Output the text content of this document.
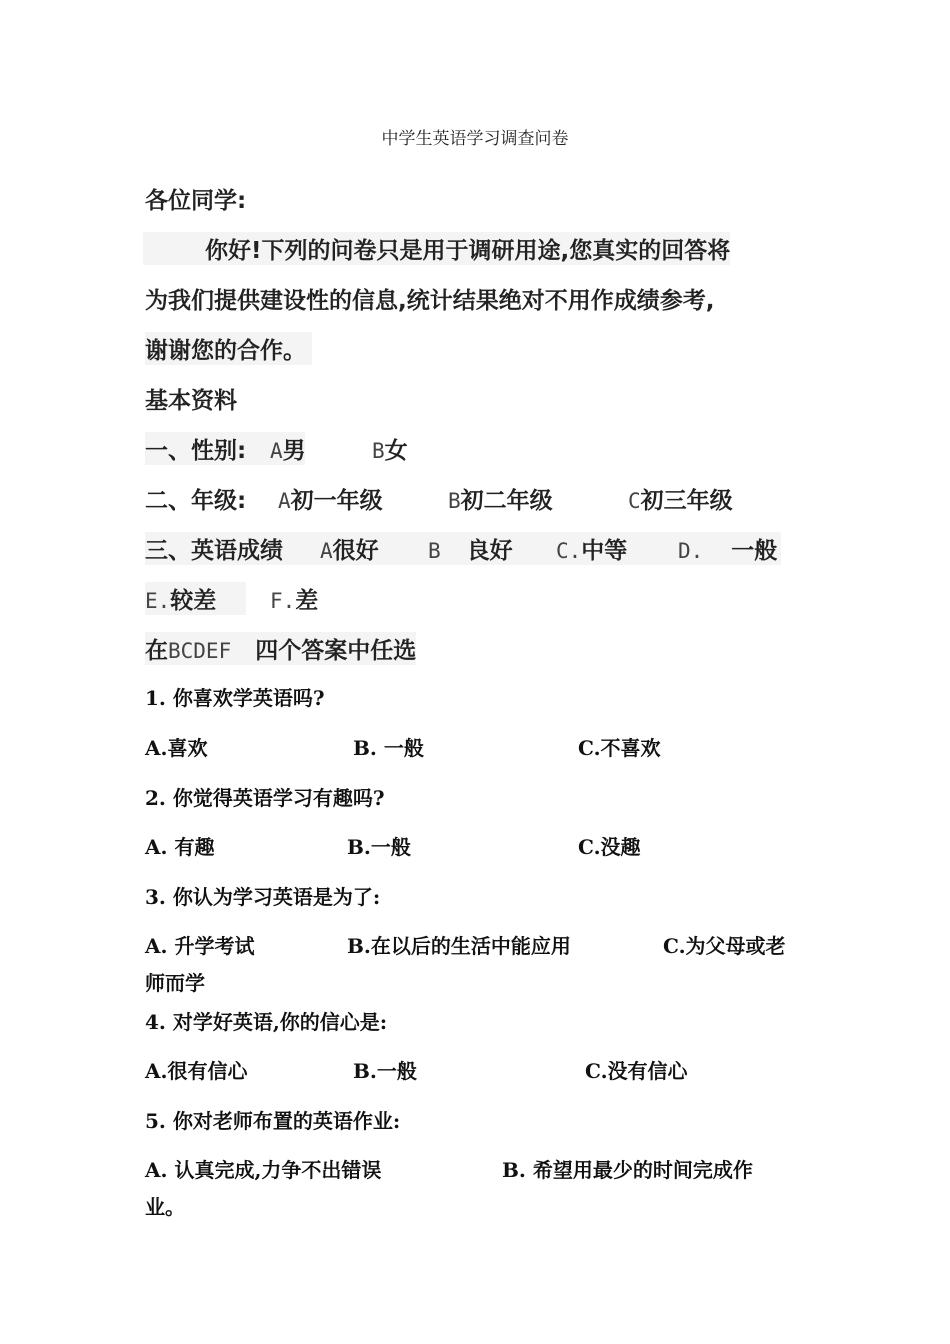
中学生英语学习调查问卷
各位同学:
你好!下列的问卷只是用于调研用途,您真实的回答将
为我们提供建设性的信息,统计结果绝对不用作成绩参考,
谢谢您的合作。
基本资料
一、性别:	A男	B女
二、年级: A初一年级	B初二年级	C初三年级
三、英语成绩	A很好 B 良好 C.中等 D. 一般
E.较差	F.差
在BCDEF 四个答案中任选
1. 你喜欢学英语吗?
A.喜欢	B. 一般	C.不喜欢
2. 你觉得英语学习有趣吗?
A. 有趣	B.一般	C.没趣
3. 你认为学习英语是为了:
A. 升学考试	B.在以后的生活中能应用	C.为父母或老
师而学
4. 对学好英语,你的信心是:
A.很有信心	B.一般	C.没有信心
5. 你对老师布置的英语作业:
A. 认真完成,力争不出错误	B. 希望用最少的时间完成作
业。
